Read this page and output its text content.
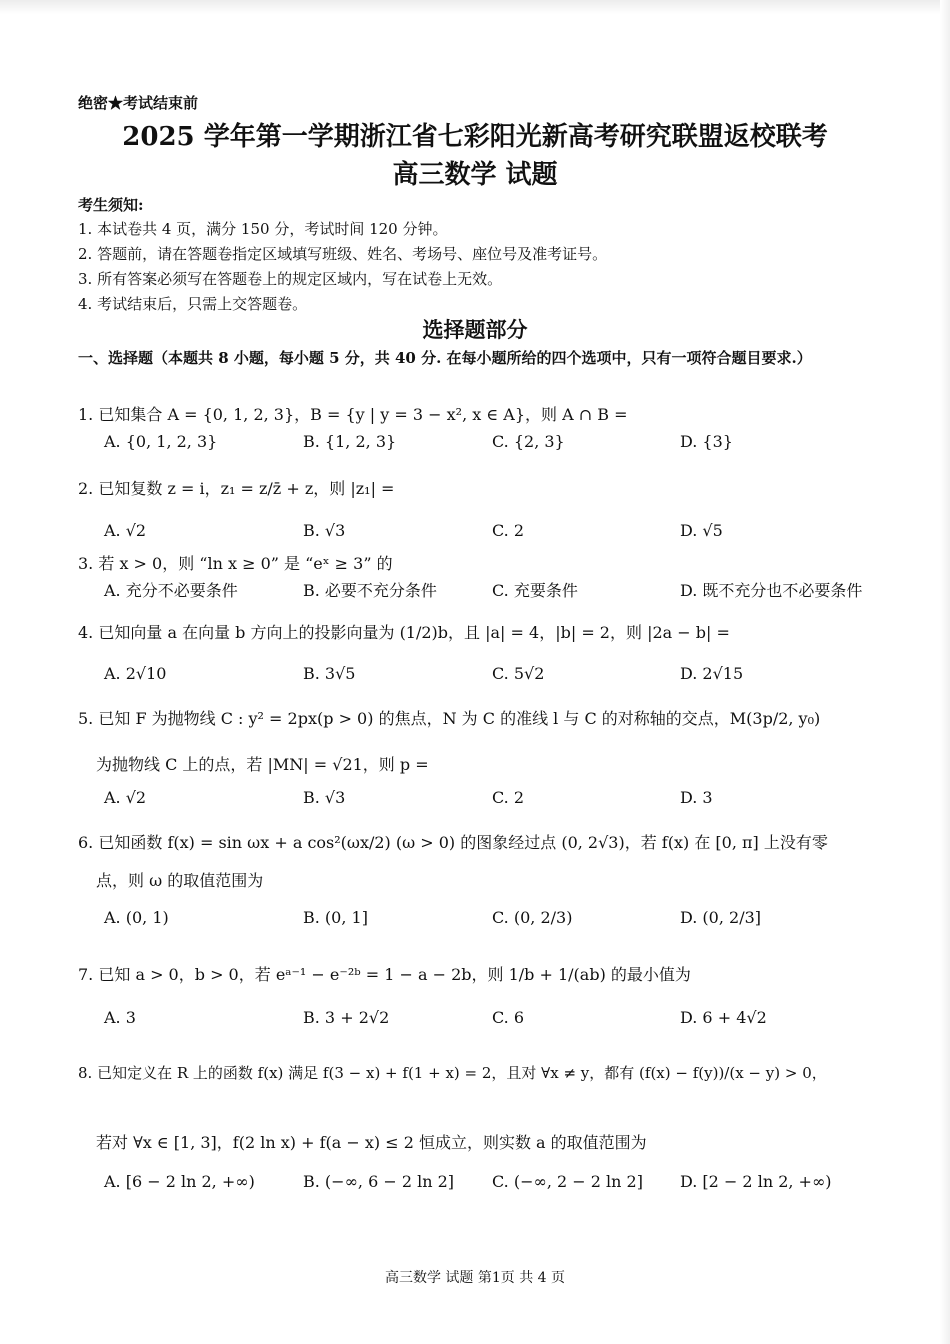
绝密★考试结束前
2025 学年第一学期浙江省七彩阳光新高考研究联盟返校联考
高三数学 试题
考生须知:
1. 本试卷共 4 页，满分 150 分，考试时间 120 分钟。
2. 答题前，请在答题卷指定区域填写班级、姓名、考场号、座位号及准考证号。
3. 所有答案必须写在答题卷上的规定区域内，写在试卷上无效。
4. 考试结束后，只需上交答题卷。
选择题部分
一、选择题（本题共 8 小题，每小题 5 分，共 40 分. 在每小题所给的四个选项中，只有一项符合题目要求.）
1. 已知集合 A = {0, 1, 2, 3}，B = {y | y = 3 − x², x ∈ A}，则 A ∩ B =
A. {0, 1, 2, 3}	B. {1, 2, 3}	C. {2, 3}	D. {3}
2. 已知复数 z = i，z₁ = z/z̄ + z，则 |z₁| =
A. √2	B. √3	C. 2	D. √5
3. 若 x > 0，则 “ln x ≥ 0” 是 “eˣ ≥ 3” 的
A. 充分不必要条件	B. 必要不充分条件	C. 充要条件	D. 既不充分也不必要条件
4. 已知向量 a 在向量 b 方向上的投影向量为 (1/2)b，且 |a| = 4，|b| = 2，则 |2a − b| =
A. 2√10	B. 3√5	C. 5√2	D. 2√15
5. 已知 F 为抛物线 C : y² = 2px(p > 0) 的焦点，N 为 C 的准线 l 与 C 的对称轴的交点，M(3p/2, y₀)
为抛物线 C 上的点，若 |MN| = √21，则 p =
A. √2	B. √3	C. 2	D. 3
6. 已知函数 f(x) = sin ωx + a cos²(ωx/2) (ω > 0) 的图象经过点 (0, 2√3)，若 f(x) 在 [0, π] 上没有零
点，则 ω 的取值范围为
A. (0, 1)	B. (0, 1]	C. (0, 2/3)	D. (0, 2/3]
7. 已知 a > 0，b > 0，若 eᵃ⁻¹ − e⁻²ᵇ = 1 − a − 2b，则 1/b + 1/(ab) 的最小值为
A. 3	B. 3 + 2√2	C. 6	D. 6 + 4√2
8. 已知定义在 R 上的函数 f(x) 满足 f(3 − x) + f(1 + x) = 2，且对 ∀x ≠ y，都有 (f(x) − f(y))/(x − y) > 0，
若对 ∀x ∈ [1, 3]，f(2 ln x) + f(a − x) ≤ 2 恒成立，则实数 a 的取值范围为
A. [6 − 2 ln 2, +∞)	B. (−∞, 6 − 2 ln 2] C. (−∞, 2 − 2 ln 2] D. [2 − 2 ln 2, +∞)
高三数学 试题 第1页 共 4 页
